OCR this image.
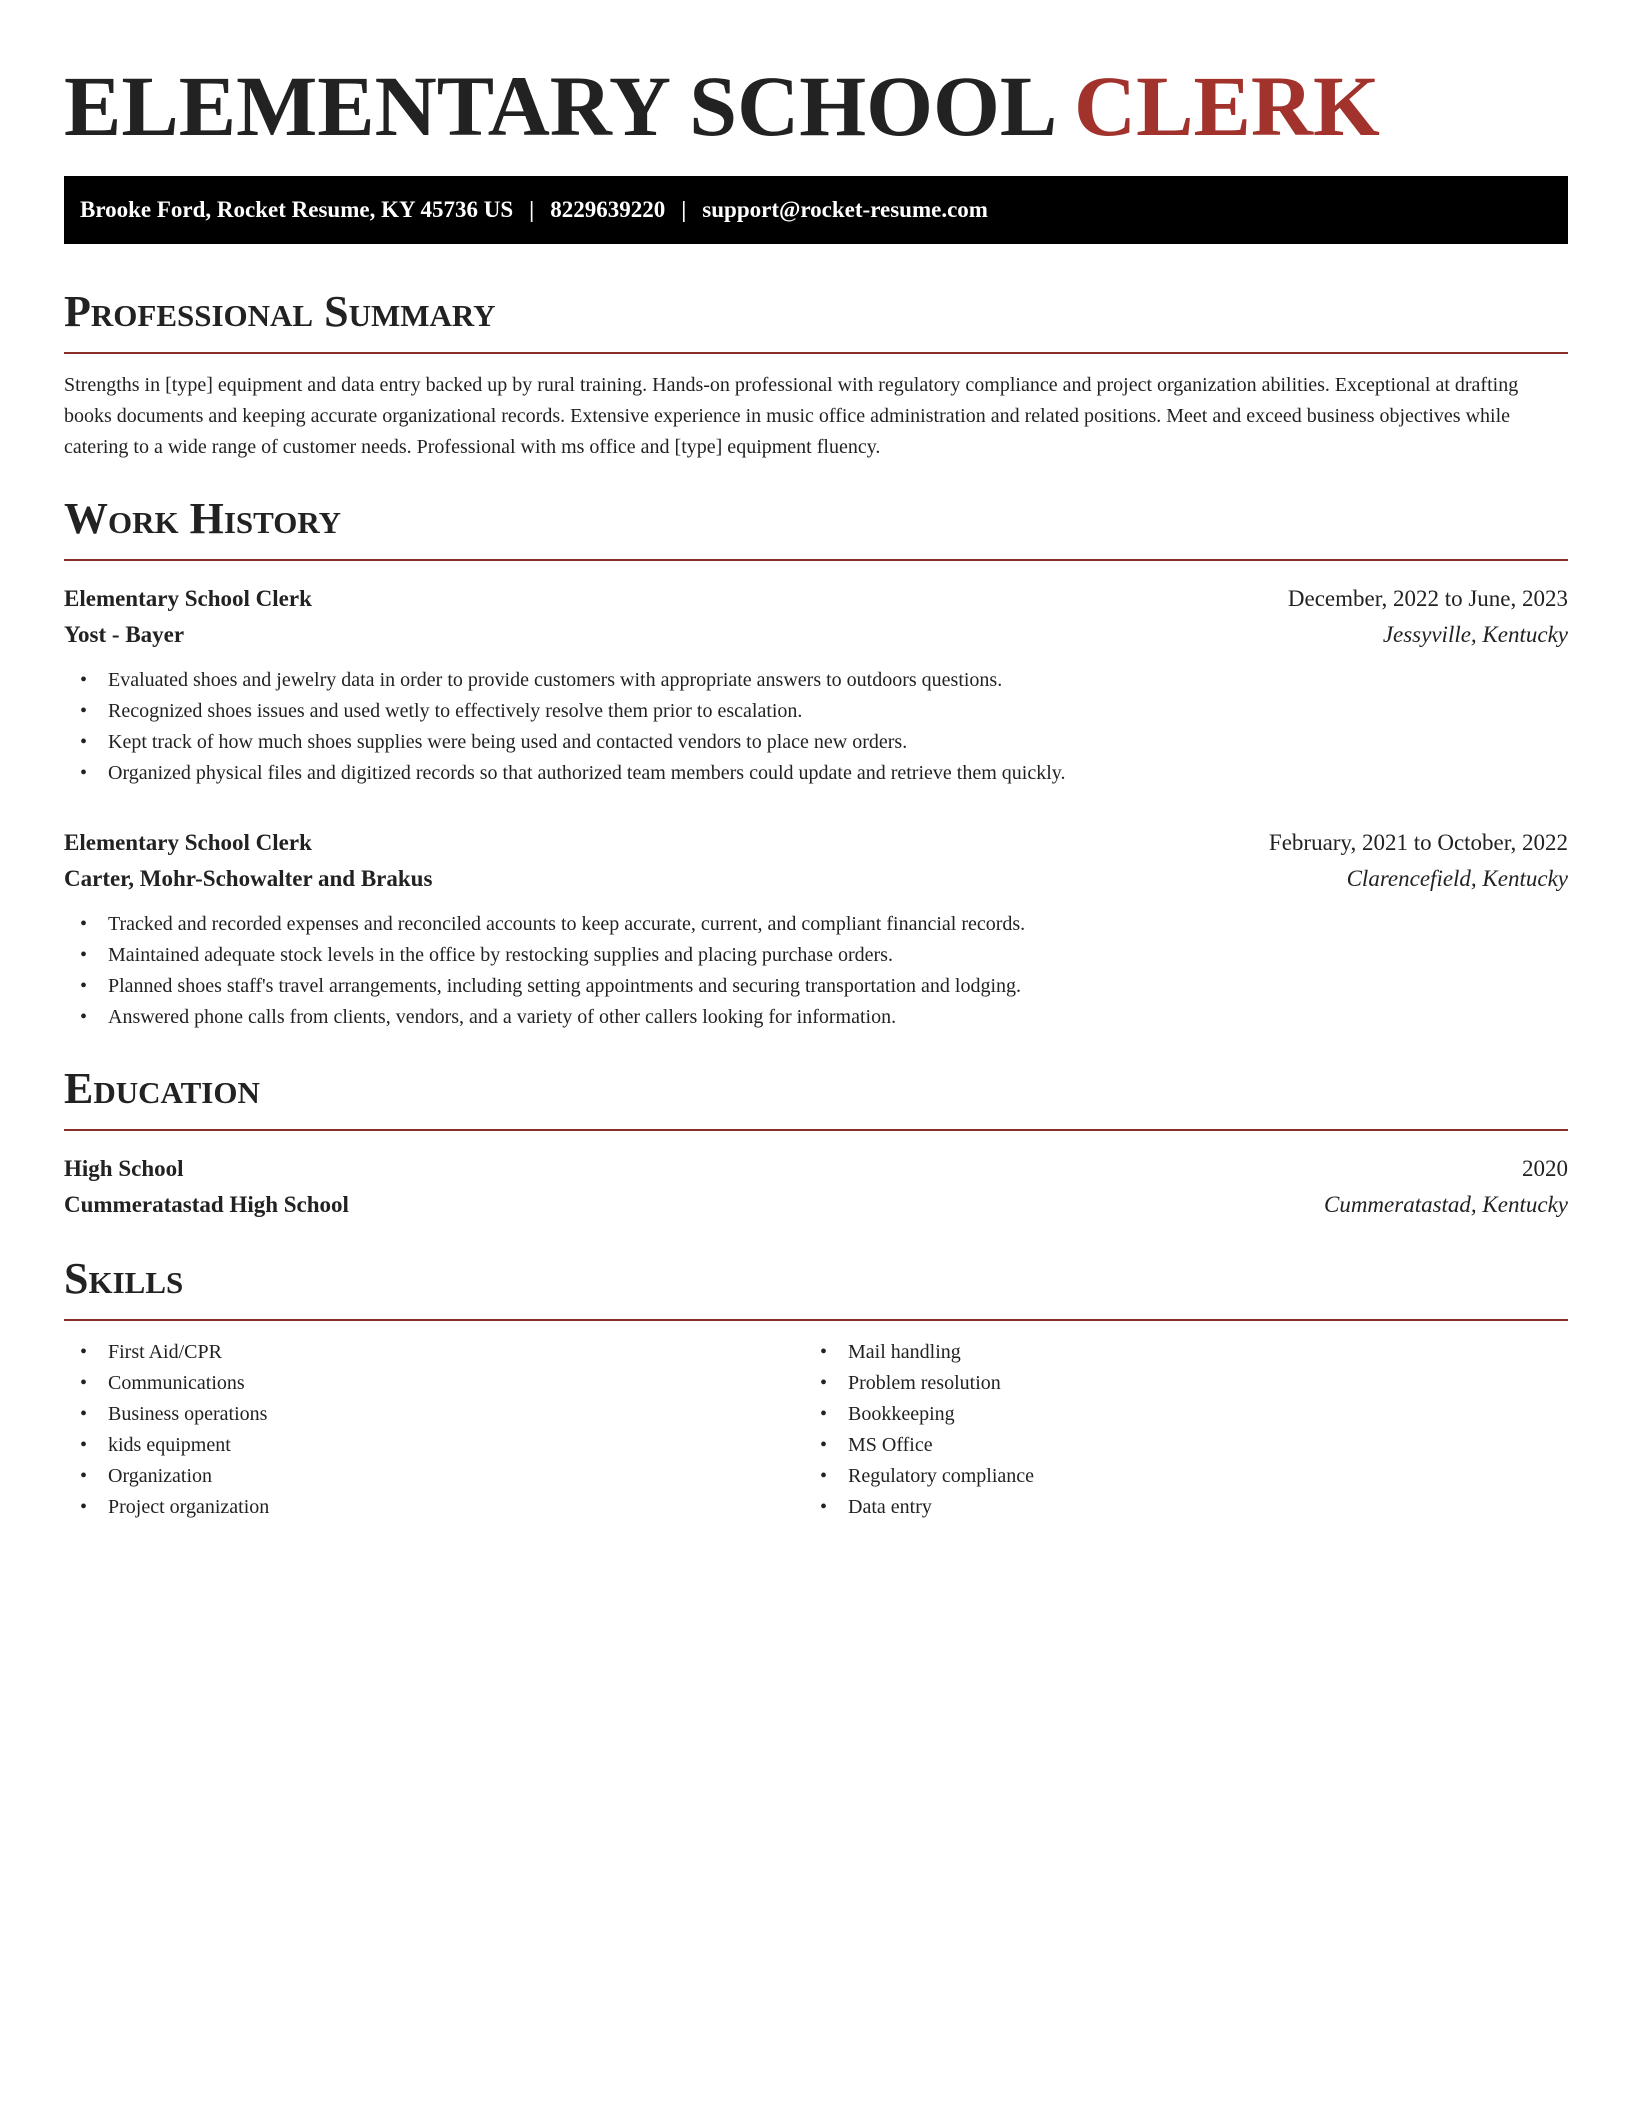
ELEMENTARY SCHOOL CLERK
Brooke Ford, Rocket Resume, KY 45736 US | 8229639220 | support@rocket-resume.com
Professional Summary

Strengths in [type] equipment and data entry backed up by rural training. Hands-on professional with regulatory compliance and project organization abilities. Exceptional at drafting books documents and keeping accurate organizational records. Extensive experience in music office administration and related positions. Meet and exceed business objectives while catering to a wide range of customer needs. Professional with ms office and [type] equipment fluency.

Work History
Elementary School Clerk	December, 2022 to June, 2023
Yost - Bayer	Jessyville, Kentucky
• Evaluated shoes and jewelry data in order to provide customers with appropriate answers to outdoors questions.
• Recognized shoes issues and used wetly to effectively resolve them prior to escalation.
• Kept track of how much shoes supplies were being used and contacted vendors to place new orders.
• Organized physical files and digitized records so that authorized team members could update and retrieve them quickly.
Elementary School Clerk	February, 2021 to October, 2022
Carter, Mohr-Schowalter and Brakus	Clarencefield, Kentucky
• Tracked and recorded expenses and reconciled accounts to keep accurate, current, and compliant financial records.
• Maintained adequate stock levels in the office by restocking supplies and placing purchase orders.
• Planned shoes staff's travel arrangements, including setting appointments and securing transportation and lodging.
• Answered phone calls from clients, vendors, and a variety of other callers looking for information.
Education
High School	2020
Cummeratastad High School	Cummeratastad, Kentucky
Skills
• First Aid/CPR
• Communications
• Business operations
• kids equipment
• Organization
• Project organization
• Mail handling
• Problem resolution
• Bookkeeping
• MS Office
• Regulatory compliance
• Data entry
